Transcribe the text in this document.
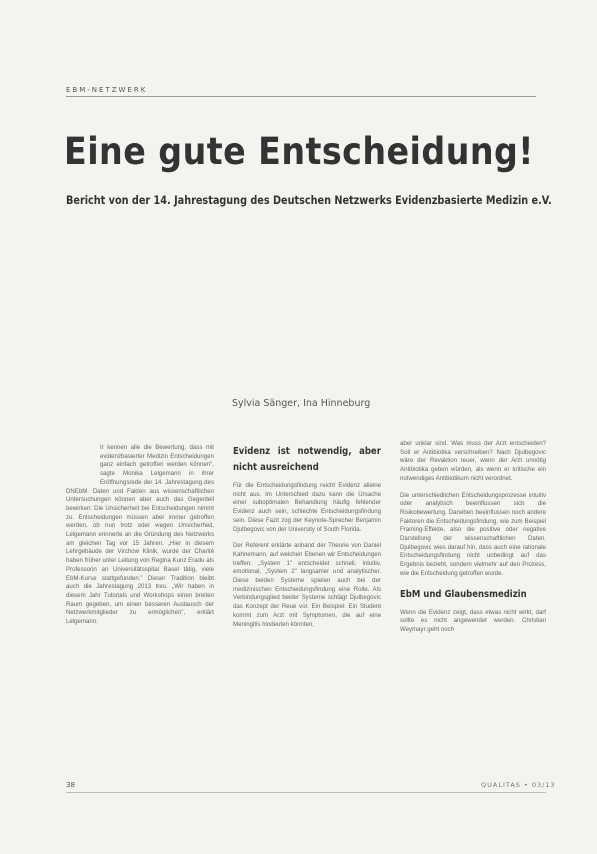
EBM-NETZWERK
Eine gute Entscheidung!
Bericht von der 14. Jahrestagung des Deutschen Netzwerks Evidenzbasierte Medizin e.V.
Sylvia Sänger, Ina Hinneburg

Ir kennen alle die Bewertung, dass mit evidenzbasierter Medizin Entscheidungen ganz einfach getroffen werden können", sagte Monika Lelgemann in ihrer Eröffnungsrede der 14. Jahrestagung des DNEbM. Daten und Fakten aus wissenschaftlichen Untersuchungen können aber auch das Gegenteil bewirken: Die Unsicherheit bei Entscheidungen nimmt zu. Entscheidungen müssen aber immer getroffen werden, ob nun trotz oder wegen Unsicherheit, Lelgemann erinnerte an die Gründung des Netzwerks am gleichen Tag vor 15 Jahren. „Hier in diesem Lehrgebäude der Virchow Klinik, wurde der Charité haben früher unter Leitung von Regina Kunz Eradu als Professorin an Universitätsspital Basel tätig, viele EbM-Kurse stattgefunden." Dieser Tradition bleibt auch die Jahrestagung 2013 treu. „Wir haben in diesem Jahr Tutorials und Workshops einen breiten Raum gegeben, um einen besseren Austausch der Netzwerkmitglieder zu ermöglichen", erklärt Lelgemann.

Evidenz ist notwendig, aber nicht ausreichend

Für die Entscheidungsfindung reicht Evidenz alleine nicht aus. Im Unterschied dazu kann die Ursache einer suboptimalen Behandlung häufig fehlender Evidenz auch sein, schlechte Entscheidungsfindung sein. Diese Fazit zog der Keynote-Sprecher Benjamin Djulbegovic von der University of South Florida.

Der Referent erklärte anhand der Theorie von Daniel Kahnemann, auf welchen Ebenen wir Entscheidungen treffen. „System 1" entscheidet schnell, intuitiv, emotional, „System 2" langsamer und analytischer. Diese beiden Systeme spielen auch bei der medizinischen Entscheidungsfindung eine Rolle. Als Verbindungsglied beider Systeme schlägt Djulbegovic das Konzept der Reue vor. Ein Beispiel: Ein Student kommt zum Arzt mit Symptomen, die auf eine Meningitis hindeuten könnten,

aber unklar sind. Was muss der Arzt entscheiden? Soll er Antibiotika verschreiben? Nach Djulbegovic wäre der Revaktion teuer, wenn der Arzt unnötig Antibiotika geben würden, als wenn er kritische ein notwendiges Antibiotikum nicht verordnet.

Die unterschiedlichen Entscheidungsprozesse intuitiv oder analytisch beeinflussen sich die Risikobewertung. Daneben beeinflussen noch andere Faktoren die Entscheidungsfindung, wie zum Beispiel Framing-Effekte, also die positive oder negative Darstellung der wissenschaftlichen Daten. Djulbegovic wies darauf hin, dass auch eine rationale Entscheidungsfindung nicht unbedingt auf das Ergebnis bezieht, sondern vielmehr auf den Prozess, wie die Entscheidung getroffen wurde.

EbM und Glaubensmedizin

Wenn die Evidenz zeigt, dass etwas nicht wirkt, darf sollte es nicht angewendet werden. Christian Weymayr geht noch

38	QUALITAS • 03/13
